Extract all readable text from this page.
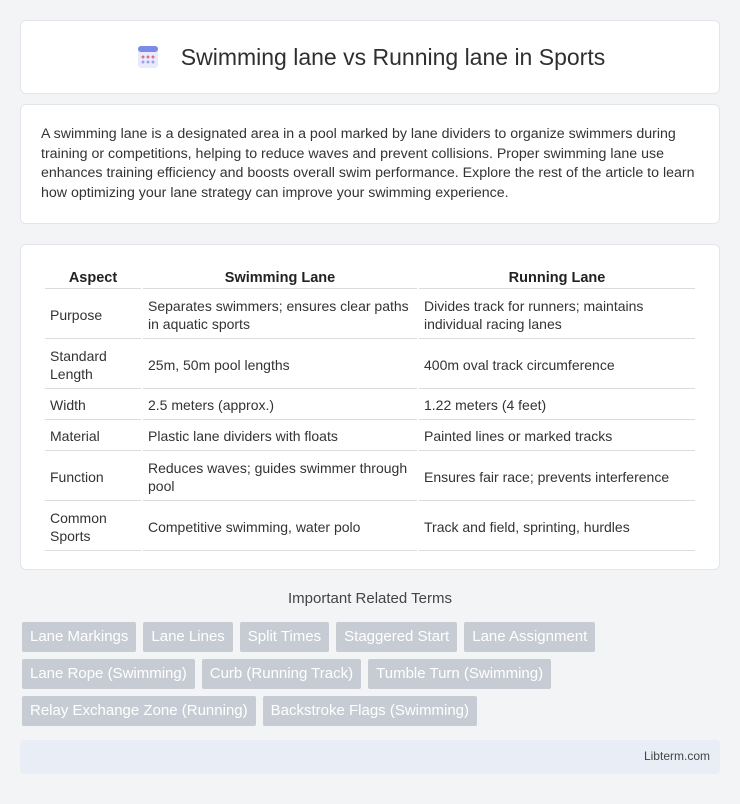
Swimming lane vs Running lane in Sports

A swimming lane is a designated area in a pool marked by lane dividers to organize swimmers during training or competitions, helping to reduce waves and prevent collisions. Proper swimming lane use enhances training efficiency and boosts overall swim performance. Explore the rest of the article to learn how optimizing your lane strategy can improve your swimming experience.

Aspect	Swimming Lane	Running Lane
Purpose	Separates swimmers; ensures clear paths in aquatic sports	Divides track for runners; maintains individual racing lanes
Standard Length	25m, 50m pool lengths	400m oval track circumference
Width	2.5 meters (approx.)	1.22 meters (4 feet)
Material	Plastic lane dividers with floats	Painted lines or marked tracks
Function	Reduces waves; guides swimmer through pool	Ensures fair race; prevents interference
Common Sports	Competitive swimming, water polo	Track and field, sprinting, hurdles
Important Related Terms
Lane Markings	Lane Lines	Split Times	Staggered Start	Lane Assignment
Lane Rope (Swimming)	Curb (Running Track)	Tumble Turn (Swimming)
Relay Exchange Zone (Running)	Backstroke Flags (Swimming)
Libterm.com
